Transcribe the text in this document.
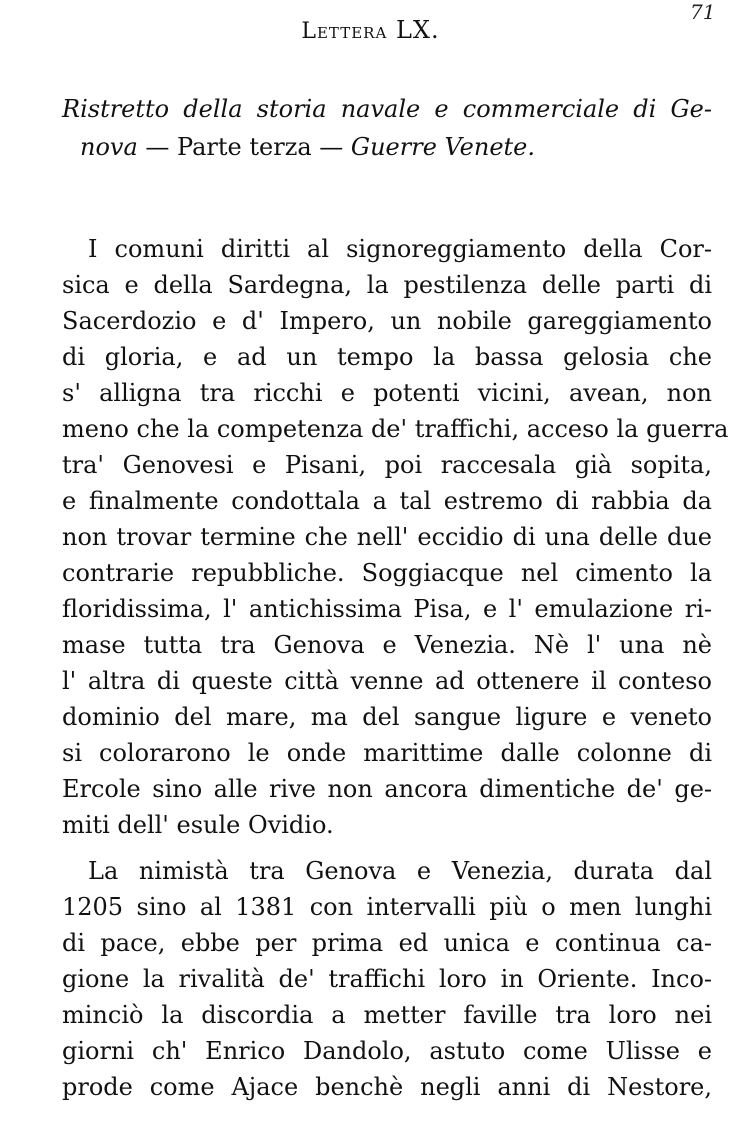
71
Lettera LX.
Ristretto della storia navale e commerciale di Ge-
nova — Parte terza — Guerre Venete.
I comuni diritti al signoreggiamento della Cor-
sica e della Sardegna, la pestilenza delle parti di
Sacerdozio e d' Impero, un nobile gareggiamento
di gloria, e ad un tempo la bassa gelosia che
s' alligna tra ricchi e potenti vicini, avean, non
meno che la competenza de' traffichi, acceso la guerra
tra' Genovesi e Pisani, poi raccesala già sopita,
e finalmente condottala a tal estremo di rabbia da
non trovar termine che nell' eccidio di una delle due
contrarie repubbliche. Soggiacque nel cimento la
floridissima, l' antichissima Pisa, e l' emulazione ri-
mase tutta tra Genova e Venezia. Nè l' una nè
l' altra di queste città venne ad ottenere il conteso
dominio del mare, ma del sangue ligure e veneto
si colorarono le onde marittime dalle colonne di
Ercole sino alle rive non ancora dimentiche de' ge-
miti dell' esule Ovidio.
La nimistà tra Genova e Venezia, durata dal
1205 sino al 1381 con intervalli più o men lunghi
di pace, ebbe per prima ed unica e continua ca-
gione la rivalità de' traffichi loro in Oriente. Inco-
minciò la discordia a metter faville tra loro nei
giorni ch' Enrico Dandolo, astuto come Ulisse e
prode come Ajace benchè negli anni di Nestore,
